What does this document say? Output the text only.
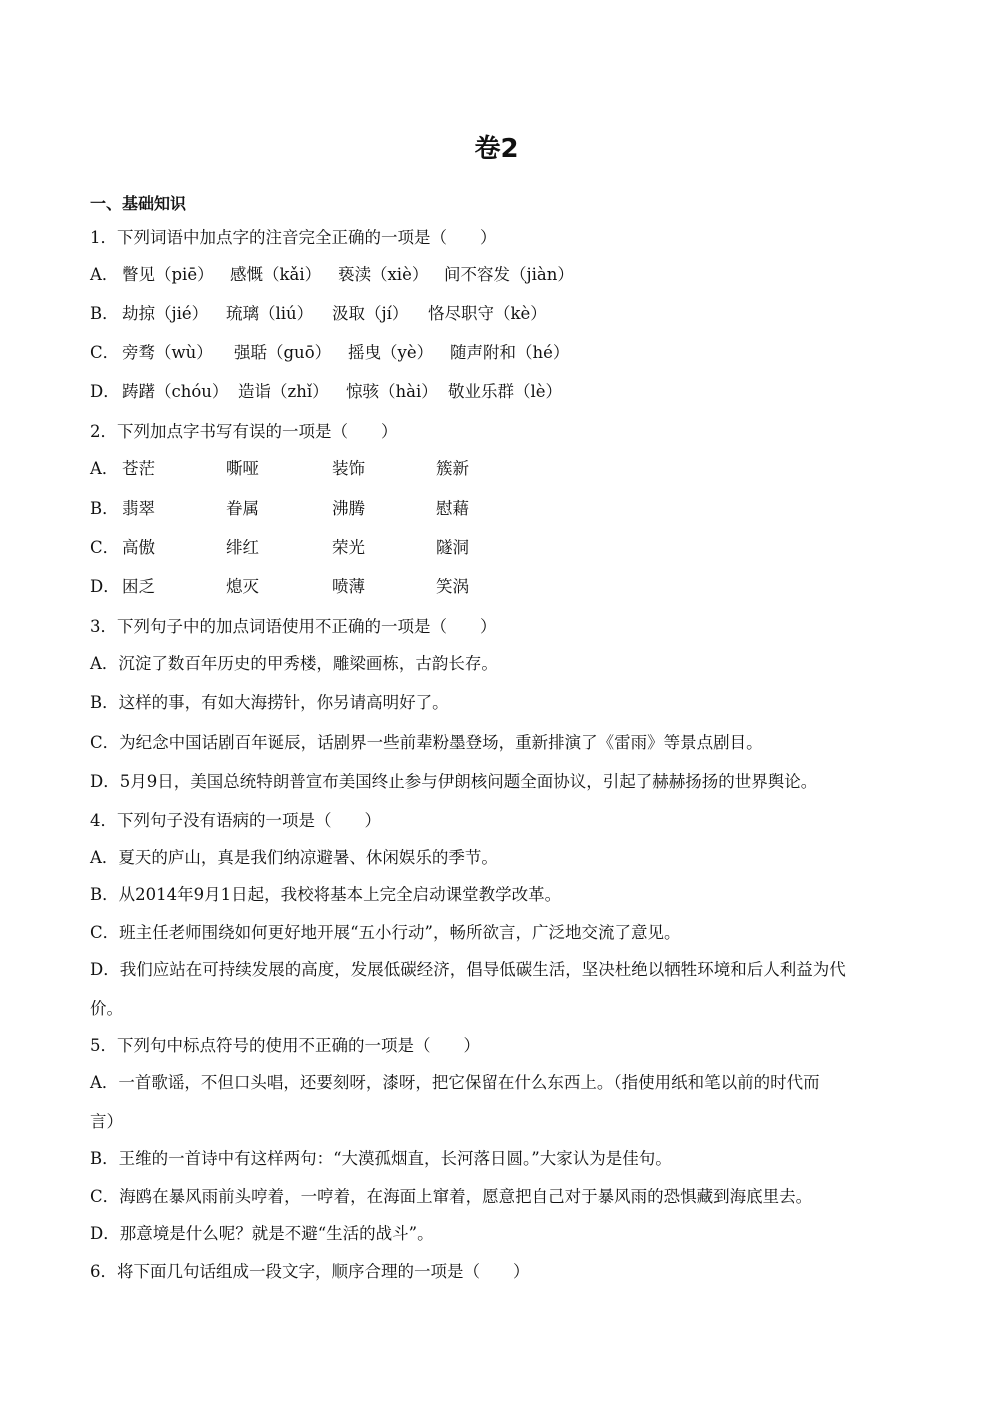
卷2
一、基础知识
1．下列词语中加点字的注音完全正确的一项是（　　）
A． 瞥见（piē） 感慨（kǎi） 亵渎（xiè） 间不容发（jiàn）
B． 劫掠（jié） 琉璃（liú） 汲取（jí） 恪尽职守（kè）
C． 旁骛（wù） 强聒（guō） 摇曳（yè） 随声附和（hé）
D． 踌躇（chóu） 造诣（zhǐ） 惊骇（hài） 敬业乐群（lè）
2．下列加点字书写有误的一项是（　　）
A． 苍茫	嘶哑	装饰	簇新
B． 翡翠	眷属	沸腾	慰藉
C． 高傲	绯红	荣光	隧洞
D． 困乏	熄灭	喷薄	笑涡
3．下列句子中的加点词语使用不正确的一项是（　　）
A．沉淀了数百年历史的甲秀楼，雕梁画栋，古韵长存。
B．这样的事，有如大海捞针，你另请高明好了。
C．为纪念中国话剧百年诞辰，话剧界一些前辈粉墨登场，重新排演了《雷雨》等景点剧目。
D．5月9日，美国总统特朗普宣布美国终止参与伊朗核问题全面协议，引起了赫赫扬扬的世界舆论。
4．下列句子没有语病的一项是（　　）
A．夏天的庐山，真是我们纳凉避暑、休闲娱乐的季节。
B．从2014年9月1日起，我校将基本上完全启动课堂教学改革。
C．班主任老师围绕如何更好地开展“五小行动”，畅所欲言，广泛地交流了意见。
D．我们应站在可持续发展的高度，发展低碳经济，倡导低碳生活，坚决杜绝以牺牲环境和后人利益为代
价。
5．下列句中标点符号的使用不正确的一项是（　　）
A．一首歌谣，不但口头唱，还要刻呀，漆呀，把它保留在什么东西上。（指使用纸和笔以前的时代而
言）
B．王维的一首诗中有这样两句：“大漠孤烟直，长河落日圆。”大家认为是佳句。
C．海鸥在暴风雨前头哼着，一哼着，在海面上窜着，愿意把自己对于暴风雨的恐惧藏到海底里去。
D．那意境是什么呢？就是不避“生活的战斗”。
6．将下面几句话组成一段文字，顺序合理的一项是（　　）
